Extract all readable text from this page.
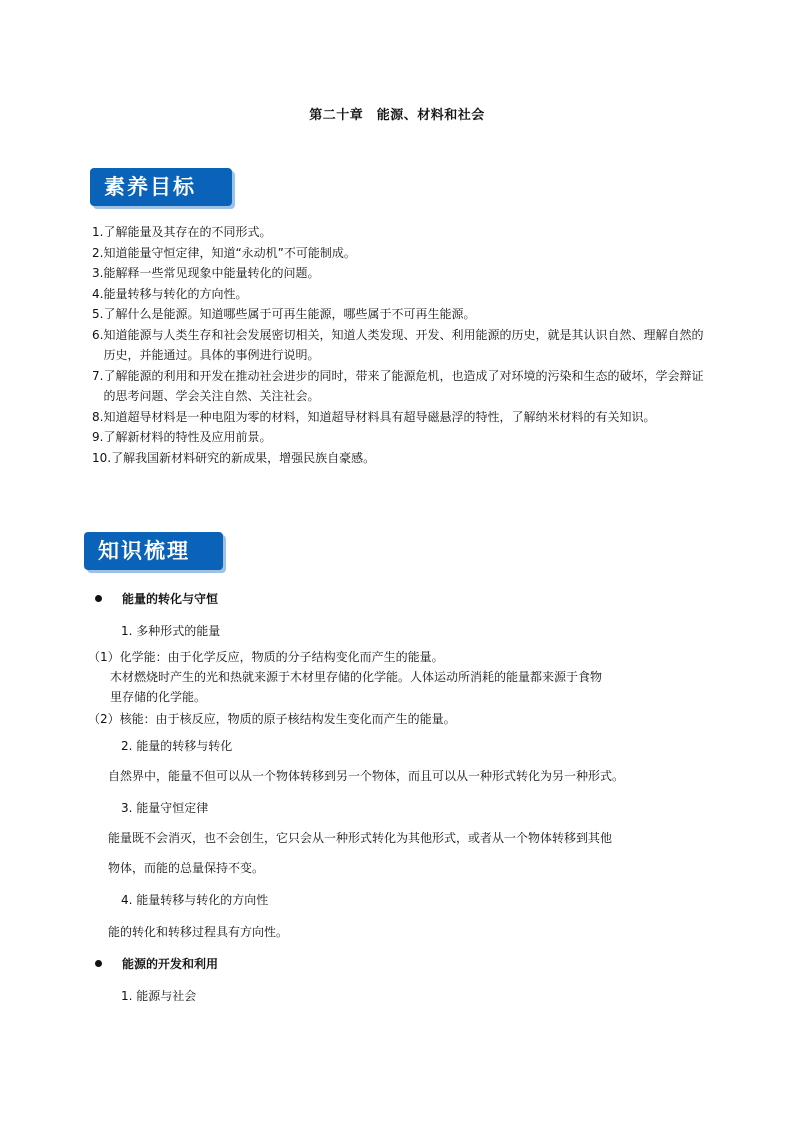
第二十章　能源、材料和社会
素养目标
1. 了解能量及其存在的不同形式。
2. 知道能量守恒定律，知道“永动机”不可能制成。
3. 能解释一些常见现象中能量转化的问题。
4. 能量转移与转化的方向性。
5. 了解什么是能源。知道哪些属于可再生能源，哪些属于不可再生能源。
6. 知道能源与人类生存和社会发展密切相关，知道人类发现、开发、利用能源的历史，就是其认识自然、理解自然的历史，并能通过。具体的事例进行说明。
7. 了解能源的利用和开发在推动社会进步的同时，带来了能源危机，也造成了对环境的污染和生态的破坏，学会辩证的思考问题、学会关注自然、关注社会。
8. 知道超导材料是一种电阻为零的材料，知道超导材料具有超导磁悬浮的特性，了解纳米材料的有关知识。
9. 了解新材料的特性及应用前景。
10. 了解我国新材料研究的新成果，增强民族自豪感。
知识梳理
能量的转化与守恒
1. 多种形式的能量
（1）化学能：由于化学反应，物质的分子结构变化而产生的能量。
木材燃烧时产生的光和热就来源于木材里存储的化学能。人体运动所消耗的能量都来源于食物
里存储的化学能。
（2）核能：由于核反应，物质的原子核结构发生变化而产生的能量。
2. 能量的转移与转化
自然界中，能量不但可以从一个物体转移到另一个物体，而且可以从一种形式转化为另一种形式。
3. 能量守恒定律
能量既不会消灭，也不会创生，它只会从一种形式转化为其他形式，或者从一个物体转移到其他
物体，而能的总量保持不变。
4. 能量转移与转化的方向性
能的转化和转移过程具有方向性。
能源的开发和利用
1. 能源与社会
